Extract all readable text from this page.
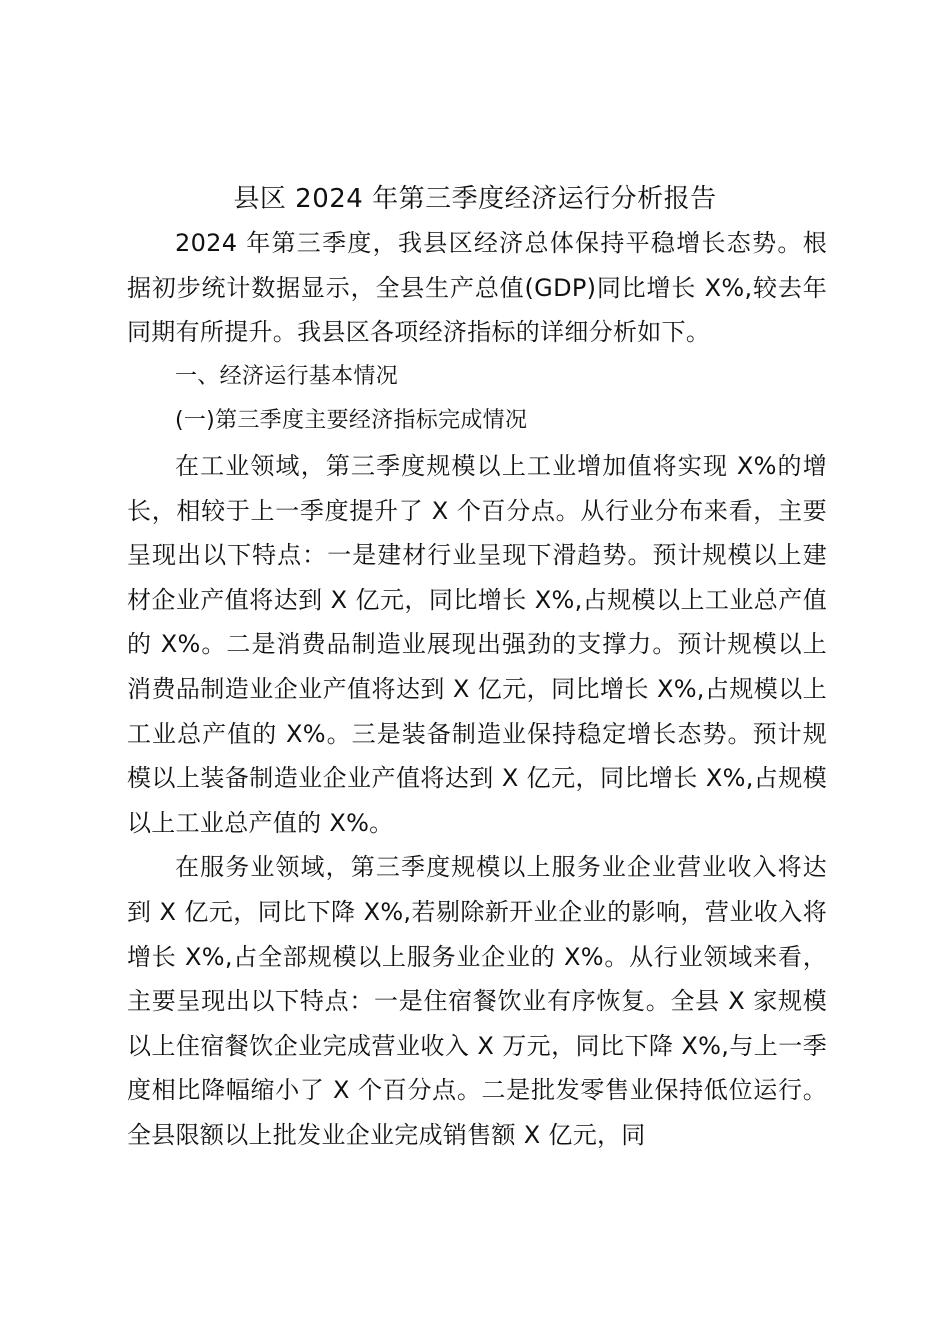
县区 2024 年第三季度经济运行分析报告

2024 年第三季度，我县区经济总体保持平稳增长态势。根据初步统计数据显示，全县生产总值(GDP)同比增长 X%,较去年同期有所提升。我县区各项经济指标的详细分析如下。

一、经济运行基本情况

(一)第三季度主要经济指标完成情况

在工业领域，第三季度规模以上工业增加值将实现 X%的增长，相较于上一季度提升了 X 个百分点。从行业分布来看，主要呈现出以下特点：一是建材行业呈现下滑趋势。预计规模以上建材企业产值将达到 X 亿元，同比增长 X%,占规模以上工业总产值的 X%。二是消费品制造业展现出强劲的支撑力。预计规模以上消费品制造业企业产值将达到 X 亿元，同比增长 X%,占规模以上工业总产值的 X%。三是装备制造业保持稳定增长态势。预计规模以上装备制造业企业产值将达到 X 亿元，同比增长 X%,占规模以上工业总产值的 X%。

在服务业领域，第三季度规模以上服务业企业营业收入将达到 X 亿元，同比下降 X%,若剔除新开业企业的影响，营业收入将增长 X%,占全部规模以上服务业企业的 X%。从行业领域来看，主要呈现出以下特点：一是住宿餐饮业有序恢复。全县 X 家规模以上住宿餐饮企业完成营业收入 X 万元，同比下降 X%,与上一季度相比降幅缩小了 X 个百分点。二是批发零售业保持低位运行。全县限额以上批发业企业完成销售额 X 亿元，同
